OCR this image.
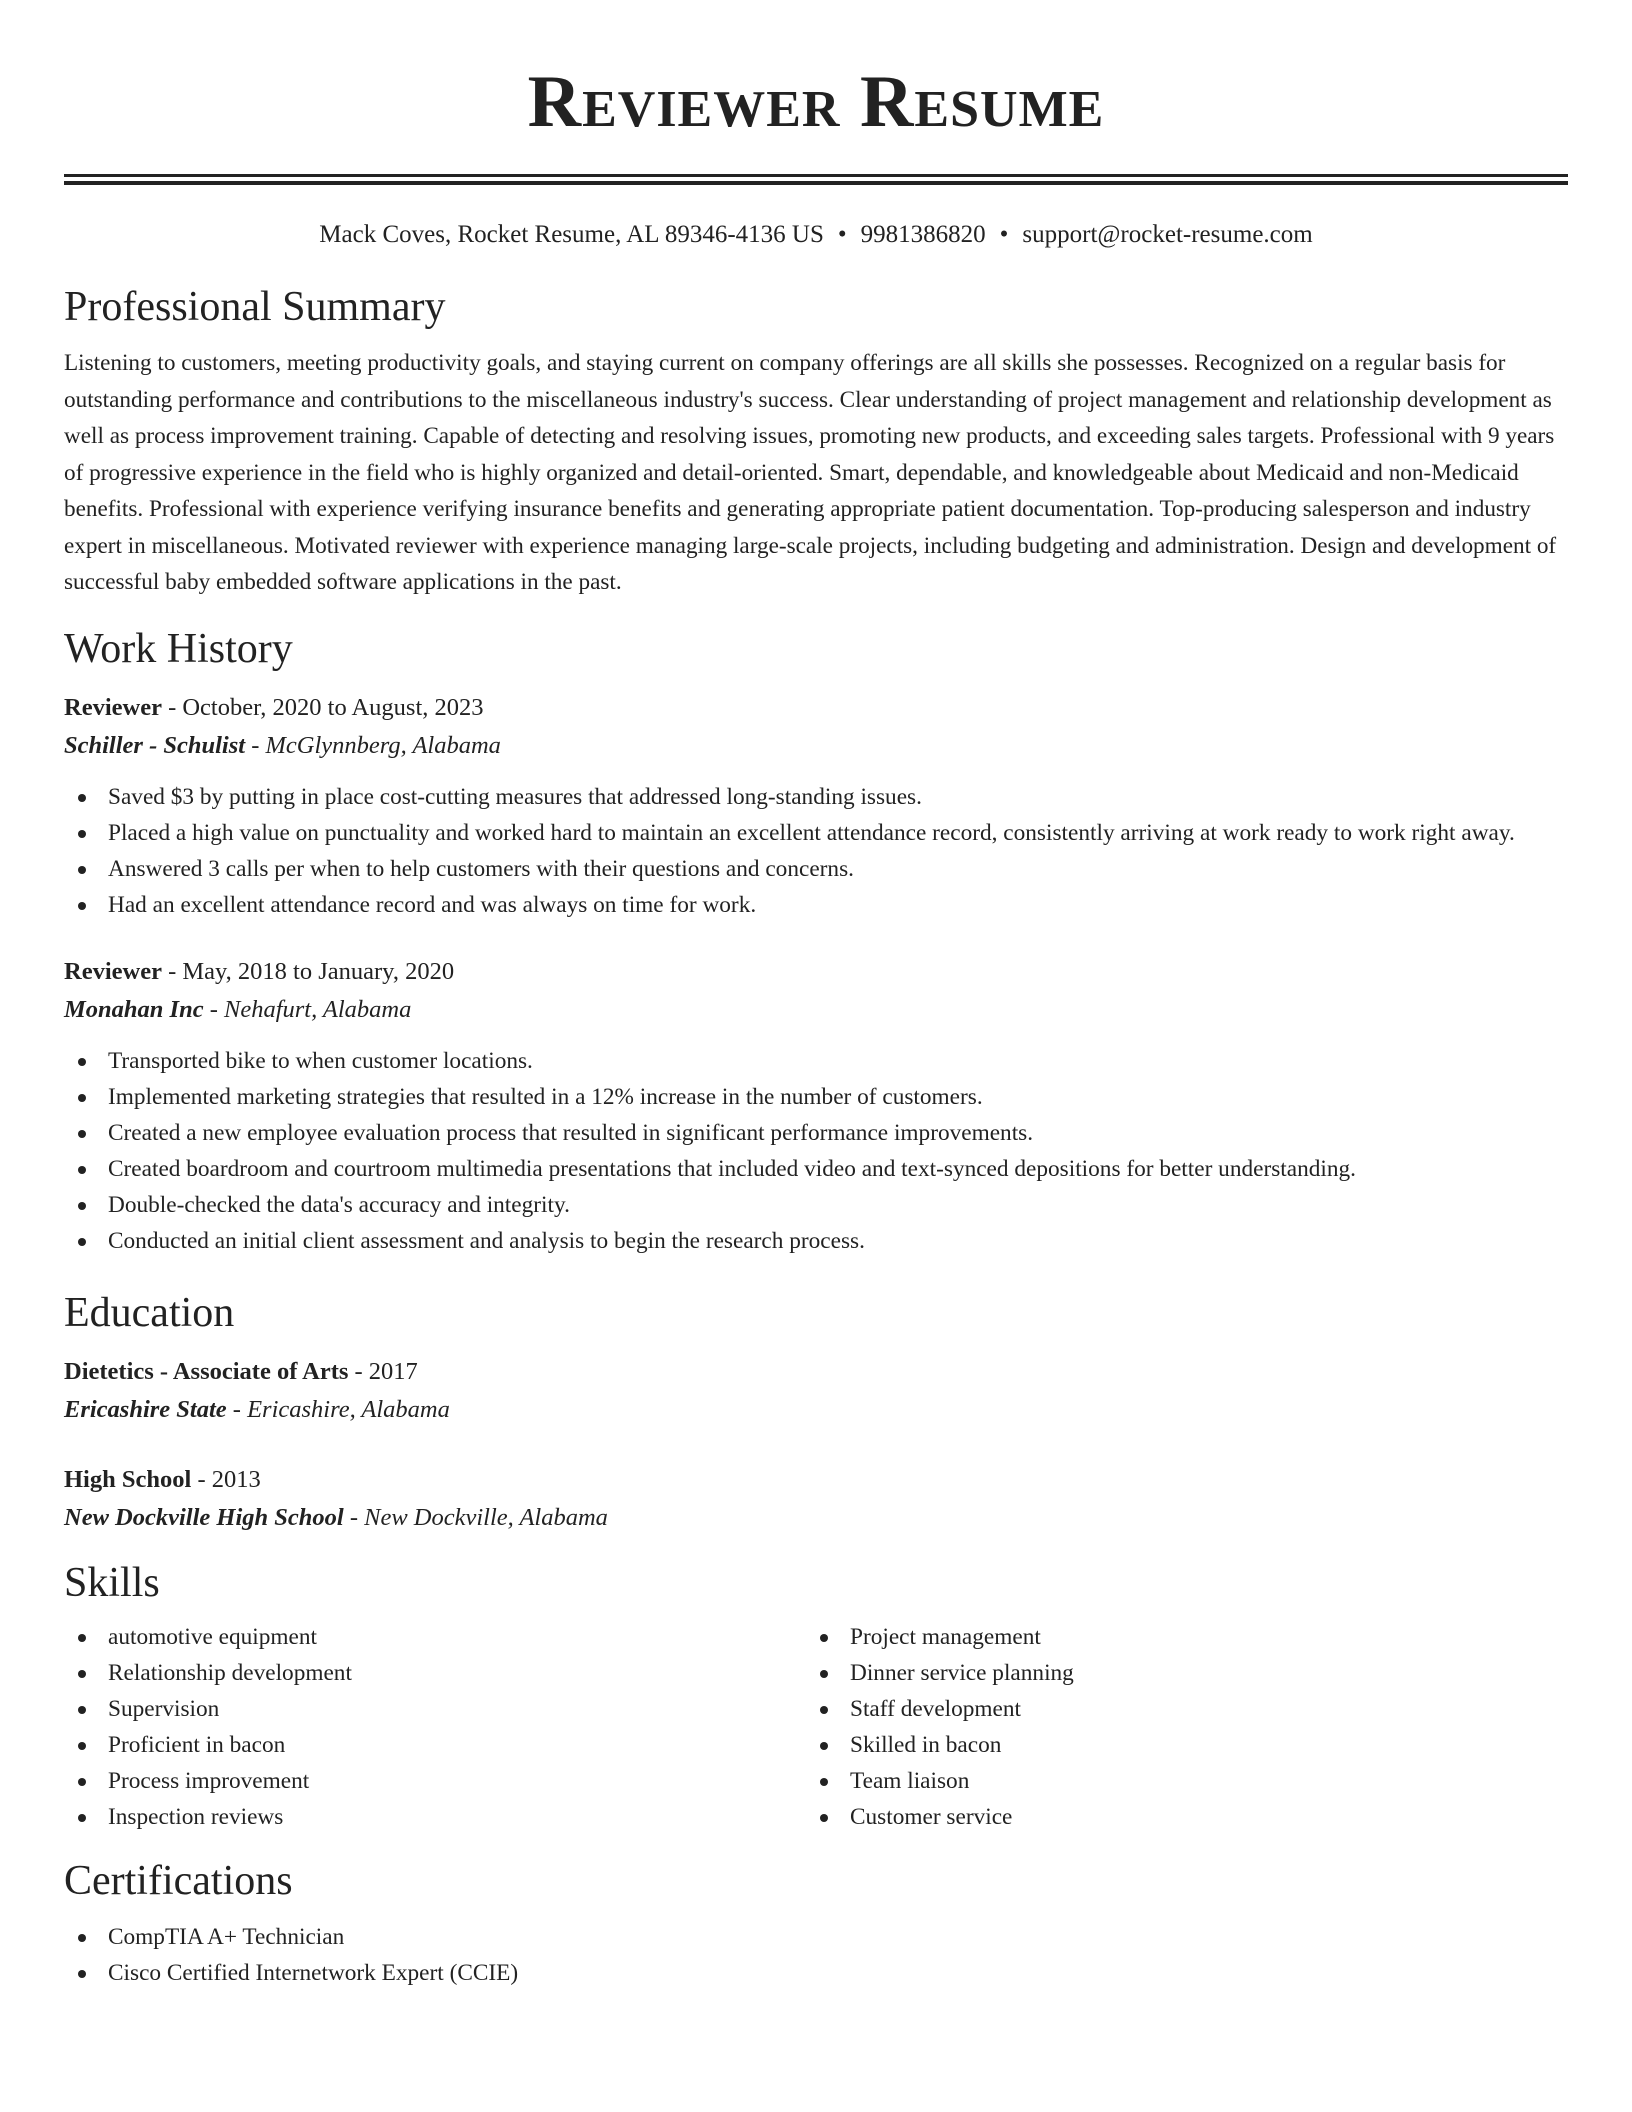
Reviewer Resume
Mack Coves, Rocket Resume, AL 89346-4136 US • 9981386820 • support@rocket-resume.com
Professional Summary

Listening to customers, meeting productivity goals, and staying current on company offerings are all skills she possesses. Recognized on a regular basis for outstanding performance and contributions to the miscellaneous industry's success. Clear understanding of project management and relationship development as well as process improvement training. Capable of detecting and resolving issues, promoting new products, and exceeding sales targets. Professional with 9 years of progressive experience in the field who is highly organized and detail-oriented. Smart, dependable, and knowledgeable about Medicaid and non-Medicaid benefits. Professional with experience verifying insurance benefits and generating appropriate patient documentation. Top-producing salesperson and industry expert in miscellaneous. Motivated reviewer with experience managing large-scale projects, including budgeting and administration. Design and development of successful baby embedded software applications in the past.

Work History
Reviewer - October, 2020 to August, 2023
Schiller - Schulist - McGlynnberg, Alabama
Saved $3 by putting in place cost-cutting measures that addressed long-standing issues.
Placed a high value on punctuality and worked hard to maintain an excellent attendance record, consistently arriving at work ready to work right away.
Answered 3 calls per when to help customers with their questions and concerns.
Had an excellent attendance record and was always on time for work.
Reviewer - May, 2018 to January, 2020
Monahan Inc - Nehafurt, Alabama
Transported bike to when customer locations.
Implemented marketing strategies that resulted in a 12% increase in the number of customers.
Created a new employee evaluation process that resulted in significant performance improvements.
Created boardroom and courtroom multimedia presentations that included video and text-synced depositions for better understanding.
Double-checked the data's accuracy and integrity.
Conducted an initial client assessment and analysis to begin the research process.
Education
Dietetics - Associate of Arts - 2017
Ericashire State - Ericashire, Alabama
High School - 2013
New Dockville High School - New Dockville, Alabama
Skills
automotive equipment
Relationship development
Supervision
Proficient in bacon
Process improvement
Inspection reviews
Project management
Dinner service planning
Staff development
Skilled in bacon
Team liaison
Customer service
Certifications
CompTIA A+ Technician
Cisco Certified Internetwork Expert (CCIE)
